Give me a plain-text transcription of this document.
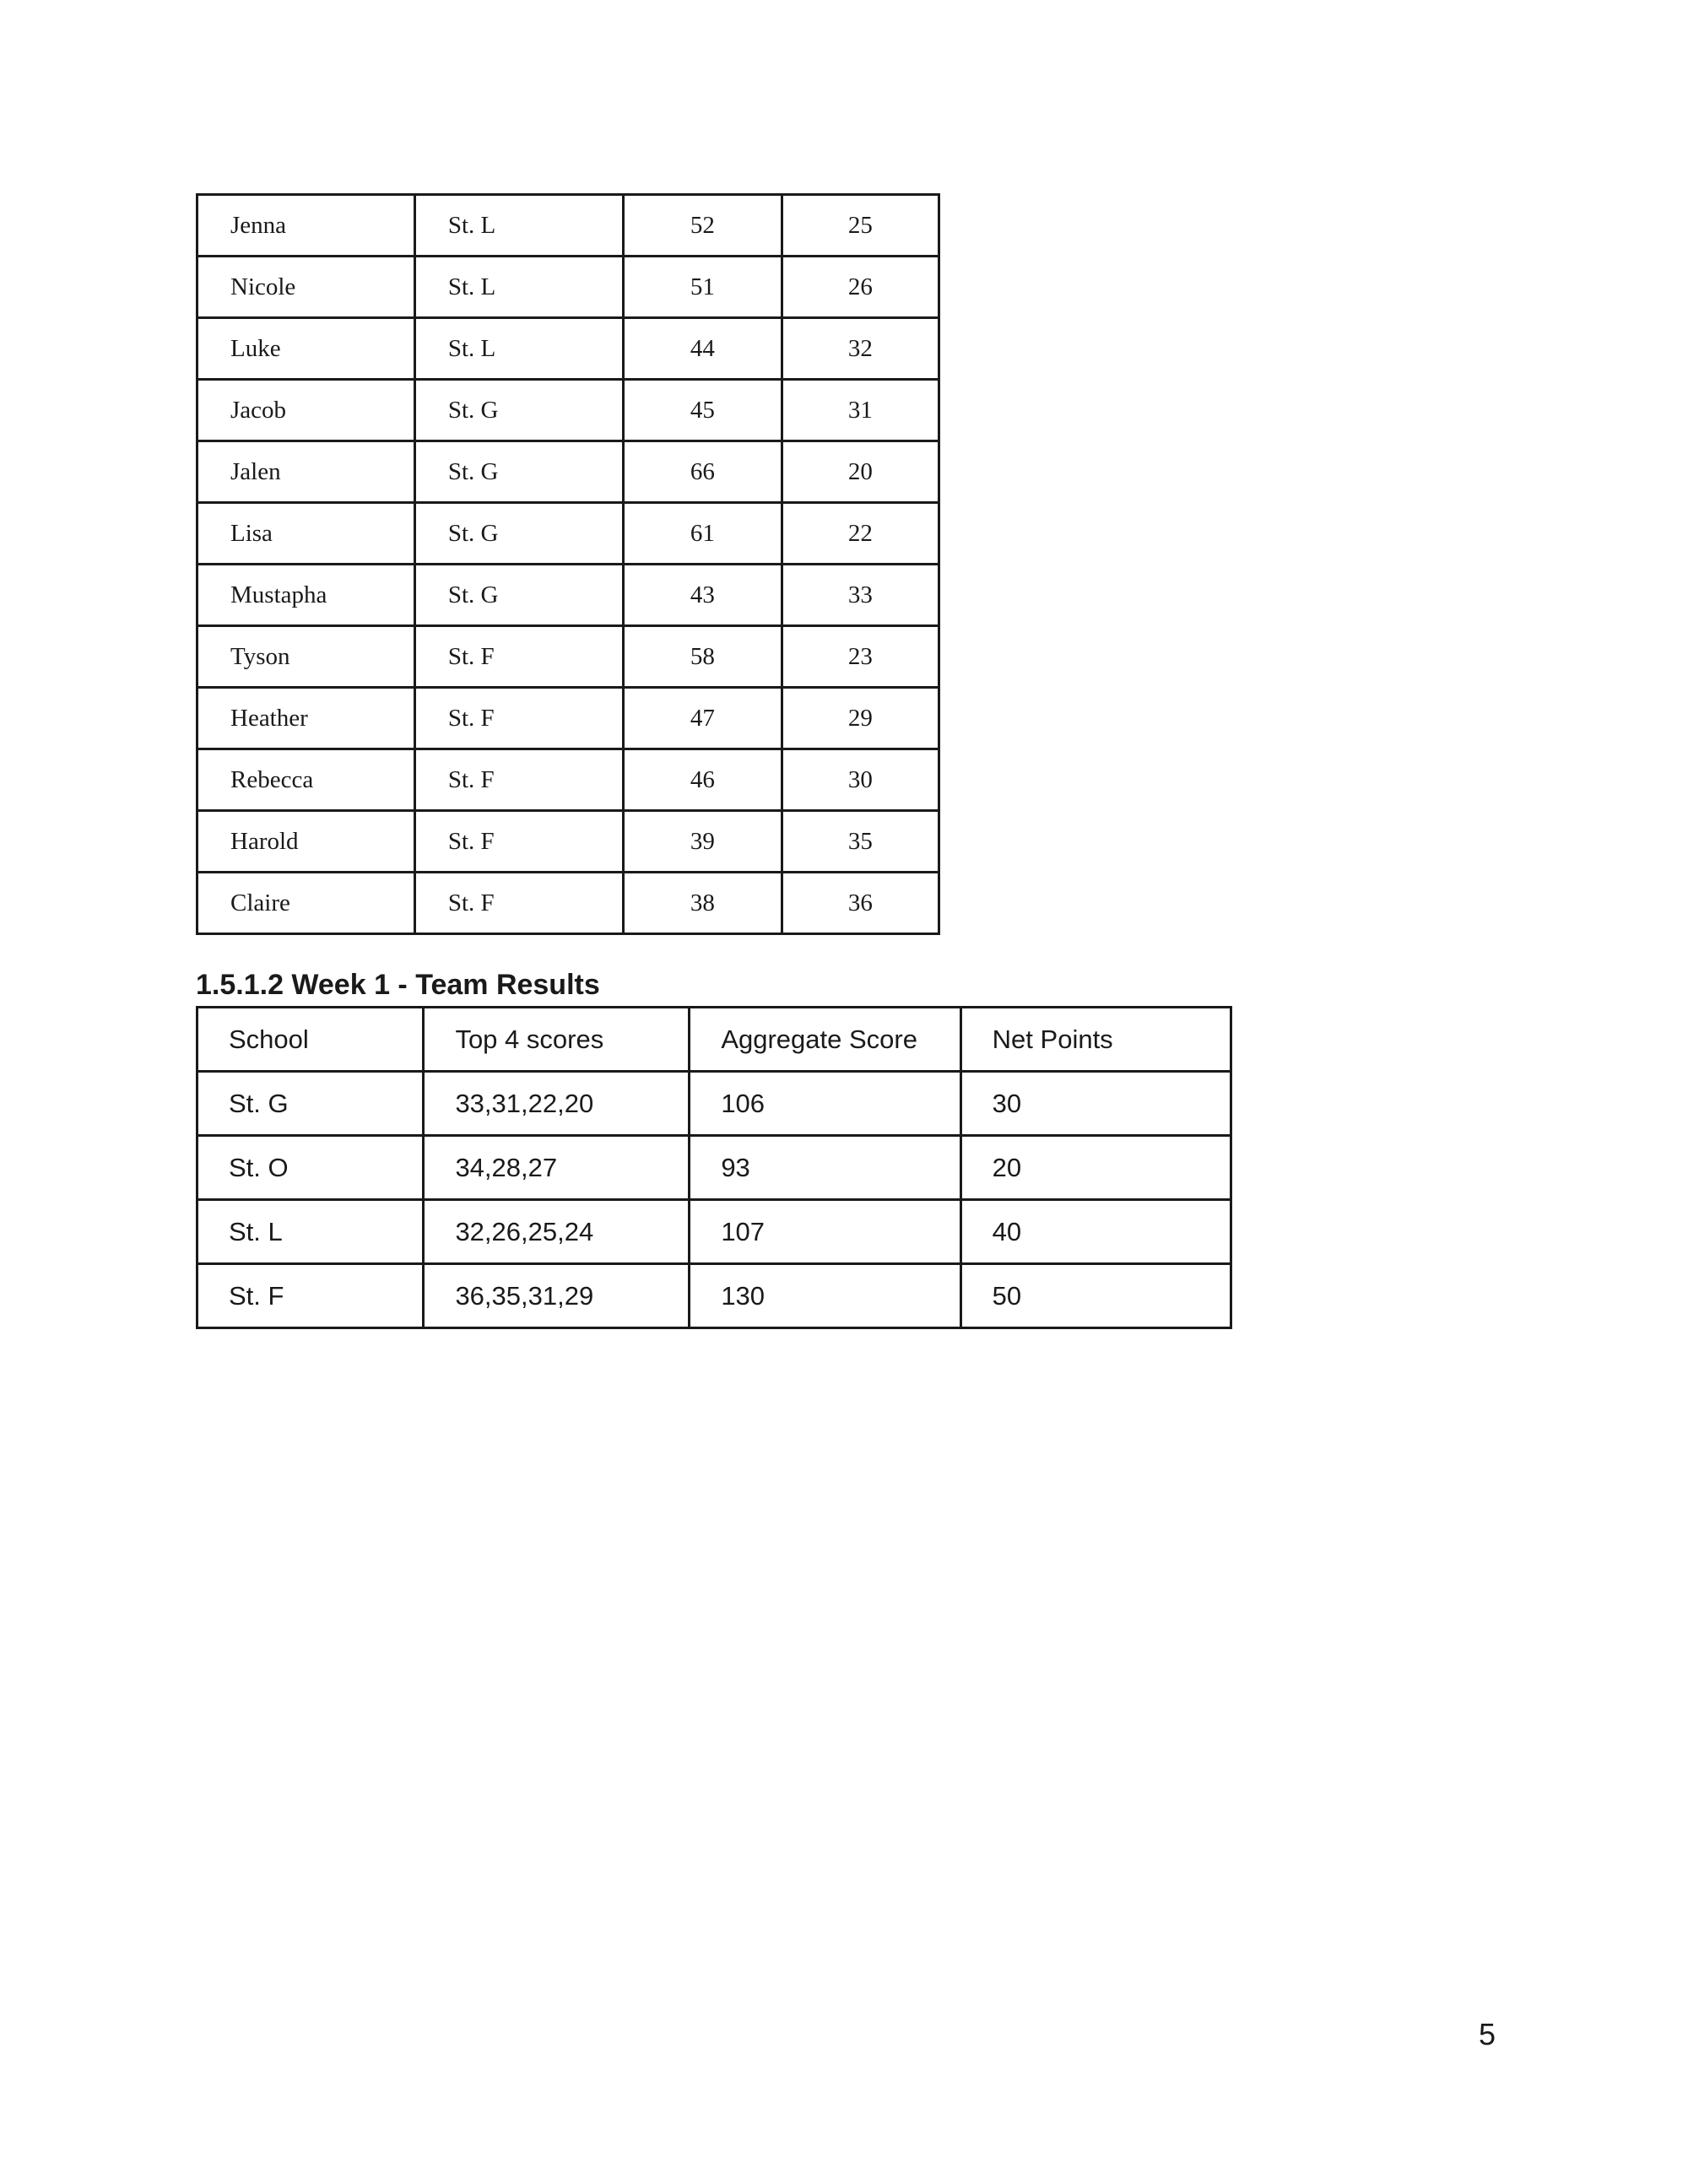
Jenna	St. L	52	25
Nicole	St. L	51	26
Luke	St. L	44	32
Jacob	St. G	45	31
Jalen	St. G	66	20
Lisa	St. G	61	22
Mustapha	St. G	43	33
Tyson	St. F	58	23
Heather	St. F	47	29
Rebecca	St. F	46	30
Harold	St. F	39	35
Claire	St. F	38	36
1.5.1.2 Week 1 - Team Results
School	Top 4 scores	Aggregate Score	Net Points
St. G	33,31,22,20	106	30
St. O	34,28,27	93	20
St. L	32,26,25,24	107	40
St. F	36,35,31,29	130	50
5
